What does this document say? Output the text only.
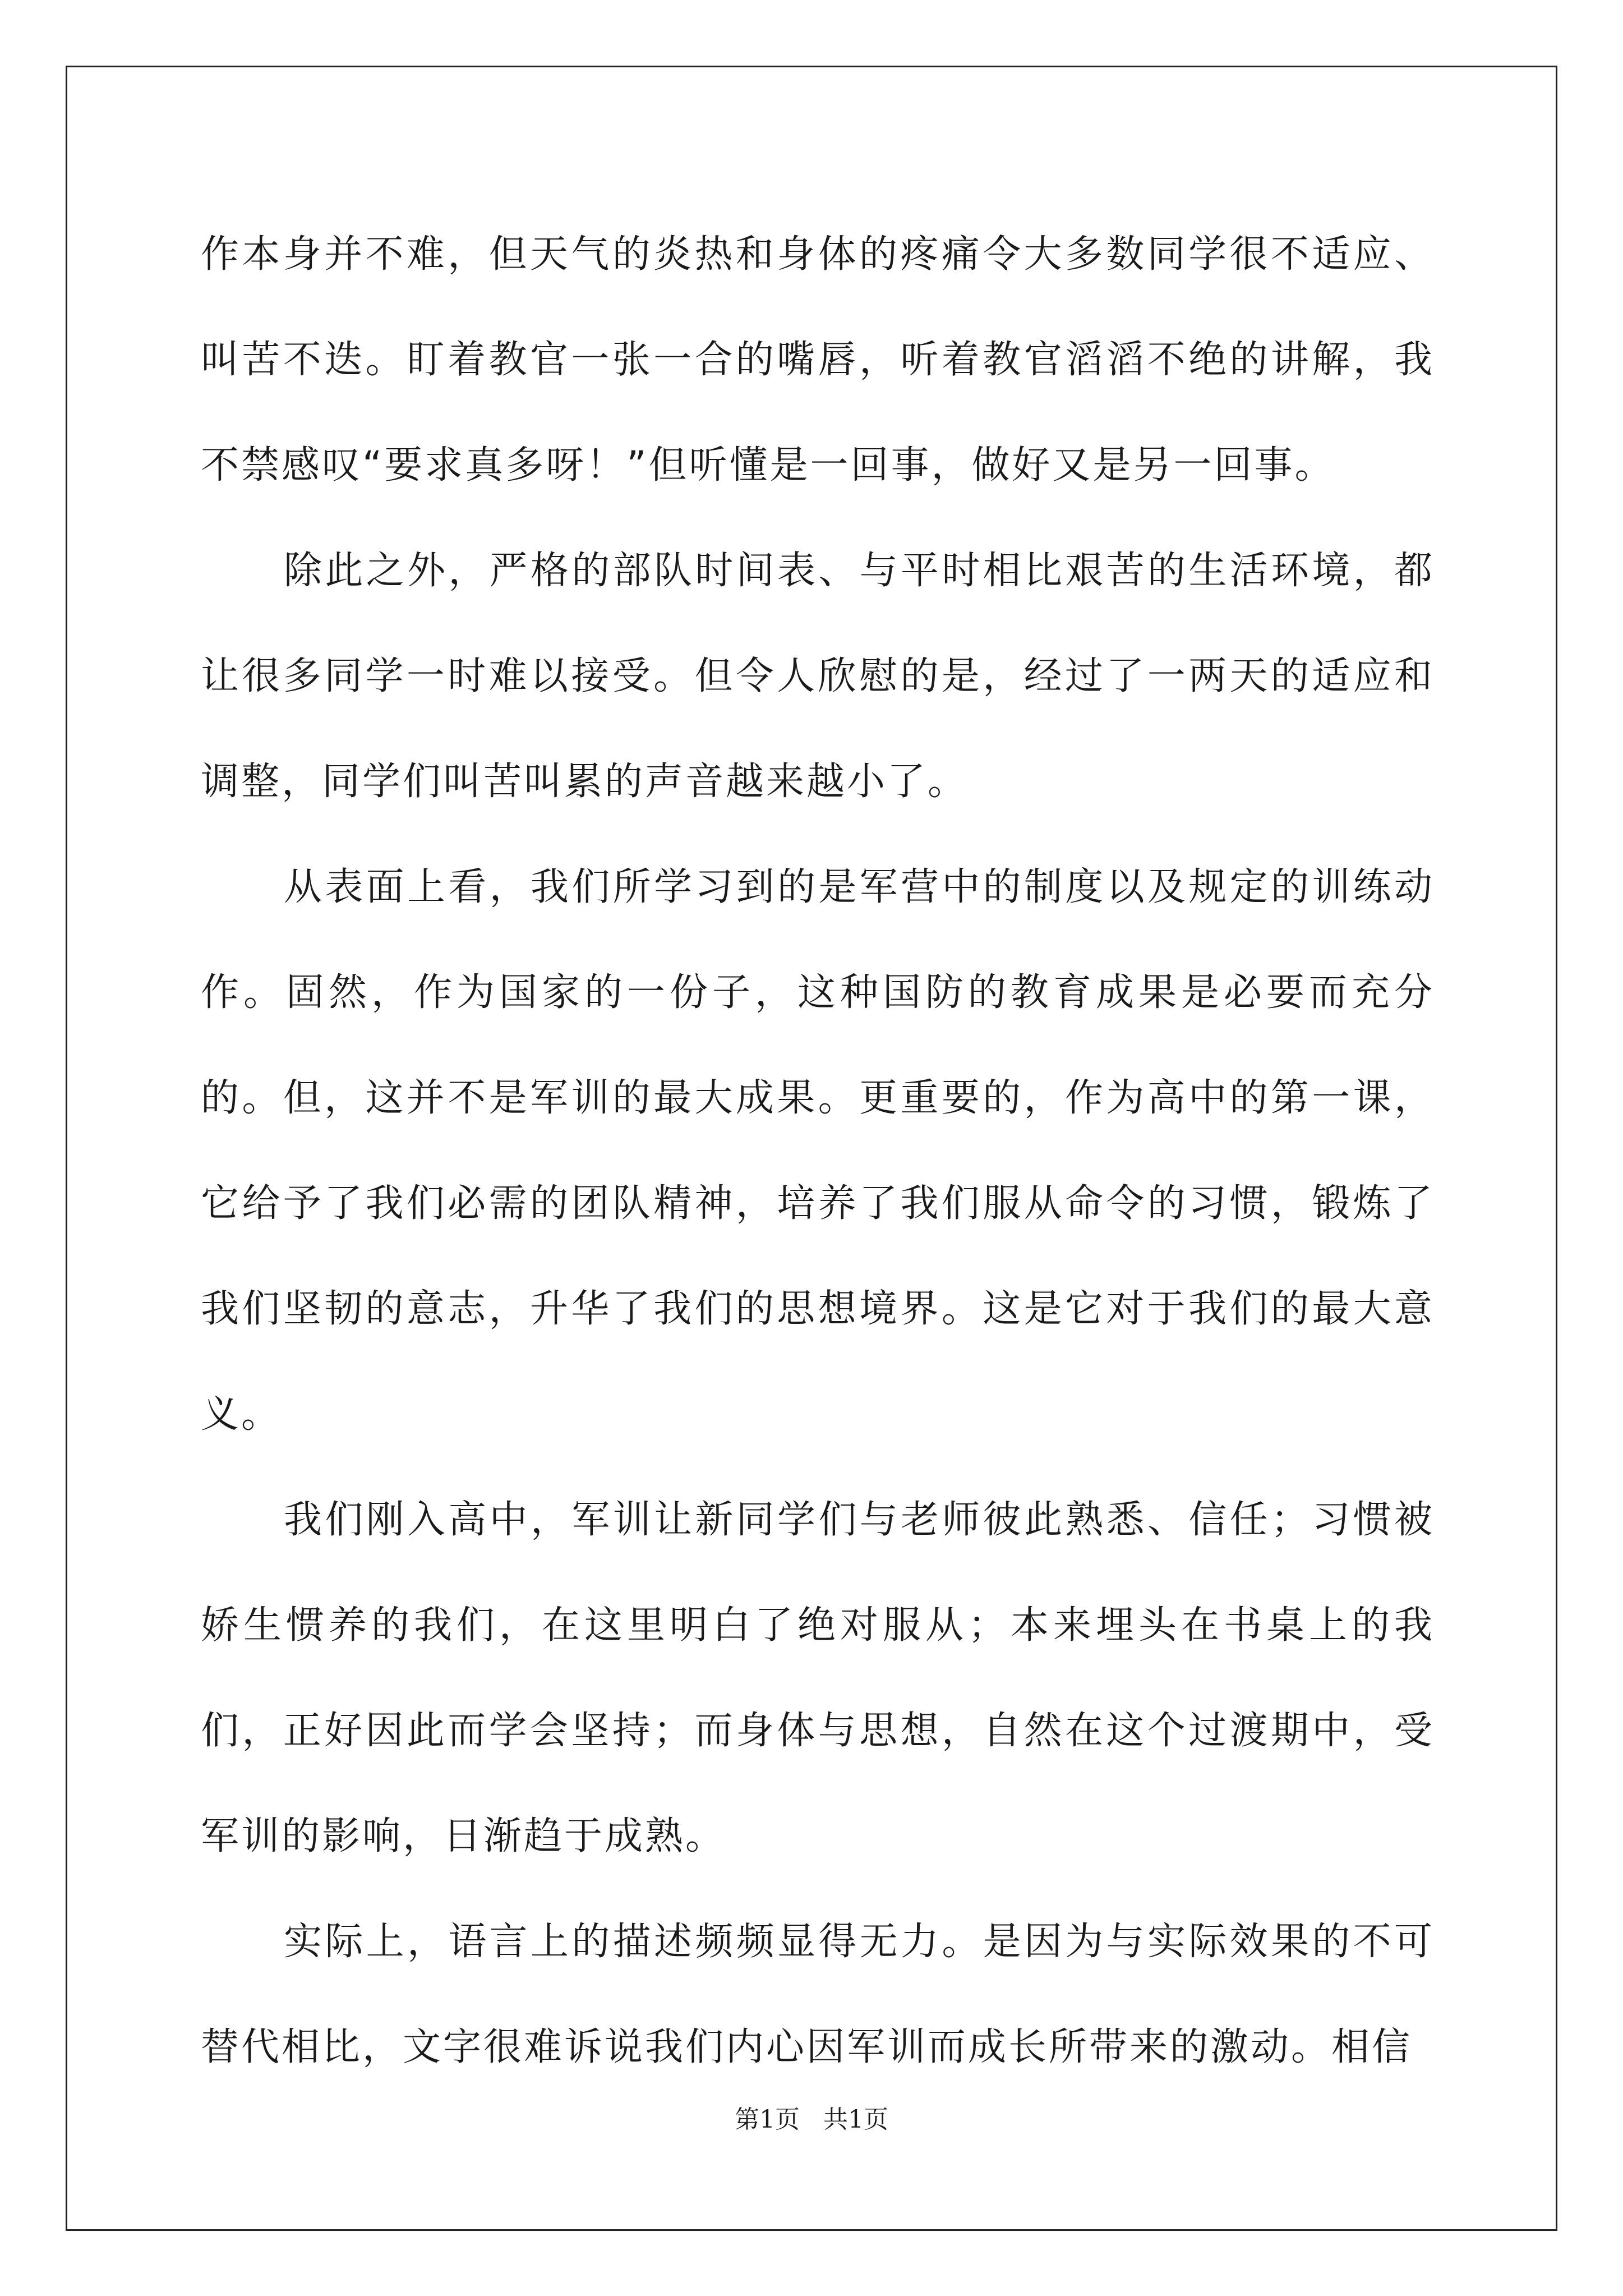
作本身并不难，但天气的炎热和身体的疼痛令大多数同学很不适应、叫苦不迭。盯着教官一张一合的嘴唇，听着教官滔滔不绝的讲解，我不禁感叹“要求真多呀！”但听懂是一回事，做好又是另一回事。

除此之外，严格的部队时间表、与平时相比艰苦的生活环境，都让很多同学一时难以接受。但令人欣慰的是，经过了一两天的适应和调整，同学们叫苦叫累的声音越来越小了。

从表面上看，我们所学习到的是军营中的制度以及规定的训练动作。固然，作为国家的一份子，这种国防的教育成果是必要而充分的。但，这并不是军训的最大成果。更重要的，作为高中的第一课，它给予了我们必需的团队精神，培养了我们服从命令的习惯，锻炼了我们坚韧的意志，升华了我们的思想境界。这是它对于我们的最大意义。

我们刚入高中，军训让新同学们与老师彼此熟悉、信任；习惯被娇生惯养的我们，在这里明白了绝对服从；本来埋头在书桌上的我们，正好因此而学会坚持；而身体与思想，自然在这个过渡期中，受军训的影响，日渐趋于成熟。

实际上，语言上的描述频频显得无力。是因为与实际效果的不可替代相比，文字很难诉说我们内心因军训而成长所带来的激动。相信

第1页 共1页
